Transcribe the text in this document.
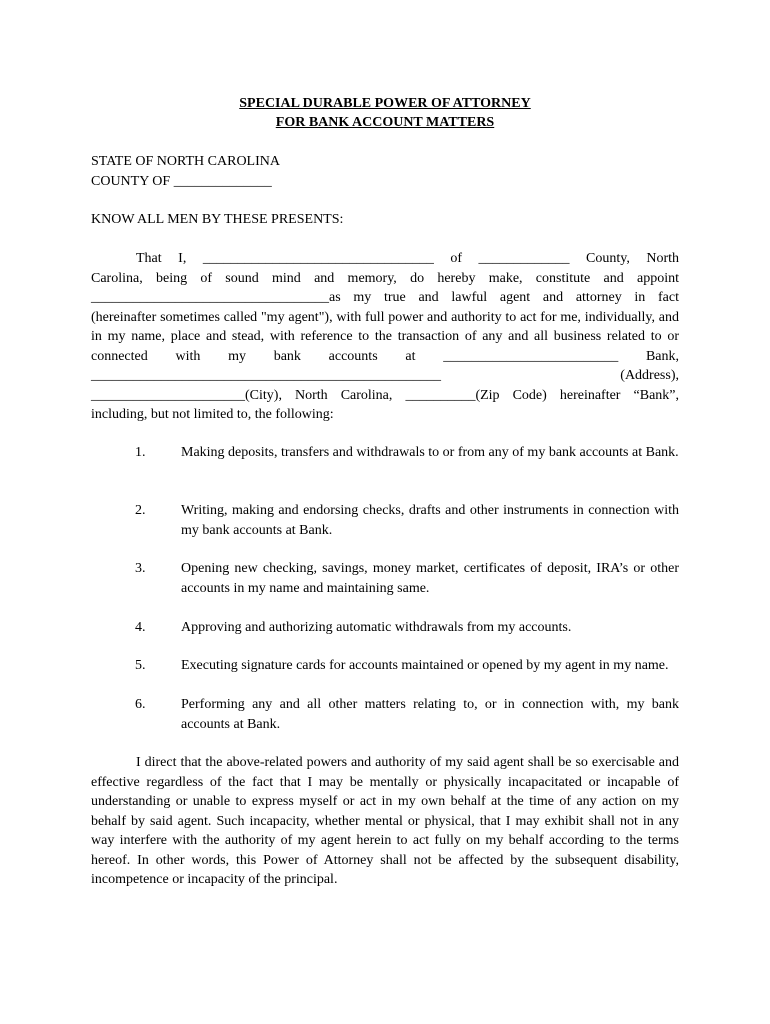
SPECIAL DURABLE POWER OF ATTORNEY
FOR BANK ACCOUNT MATTERS
STATE OF NORTH CAROLINA
COUNTY OF ______________
KNOW ALL MEN BY THESE PRESENTS:
That I, _________________________________ of _____________ County, North
Carolina, being of sound mind and memory, do hereby make, constitute and appoint
__________________________________as my true and lawful agent and attorney in fact
(hereinafter sometimes called "my agent"), with full power and authority to act for me, individually, and
in my name, place and stead, with reference to the transaction of any and all business related to or
connected with my bank accounts at _________________________ Bank,
__________________________________________________ (Address),
______________________(City), North Carolina, __________(Zip Code) hereinafter “Bank”,
including, but not limited to, the following:
1.	Making deposits, transfers and withdrawals to or from any of my bank accounts at Bank.
2.	Writing, making and endorsing checks, drafts and other instruments in connection with my bank accounts at Bank.
3.	Opening new checking, savings, money market, certificates of deposit, IRA’s or other accounts in my name and maintaining same.
4.	Approving and authorizing automatic withdrawals from my accounts.
5.	Executing signature cards for accounts maintained or opened by my agent in my name.
6.	Performing any and all other matters relating to, or in connection with, my bank accounts at Bank.

I direct that the above-related powers and authority of my said agent shall be so exercisable and effective regardless of the fact that I may be mentally or physically incapacitated or incapable of understanding or unable to express myself or act in my own behalf at the time of any action on my behalf by said agent. Such incapacity, whether mental or physical, that I may exhibit shall not in any way interfere with the authority of my agent herein to act fully on my behalf according to the terms hereof. In other words, this Power of Attorney shall not be affected by the subsequent disability, incompetence or incapacity of the principal.
